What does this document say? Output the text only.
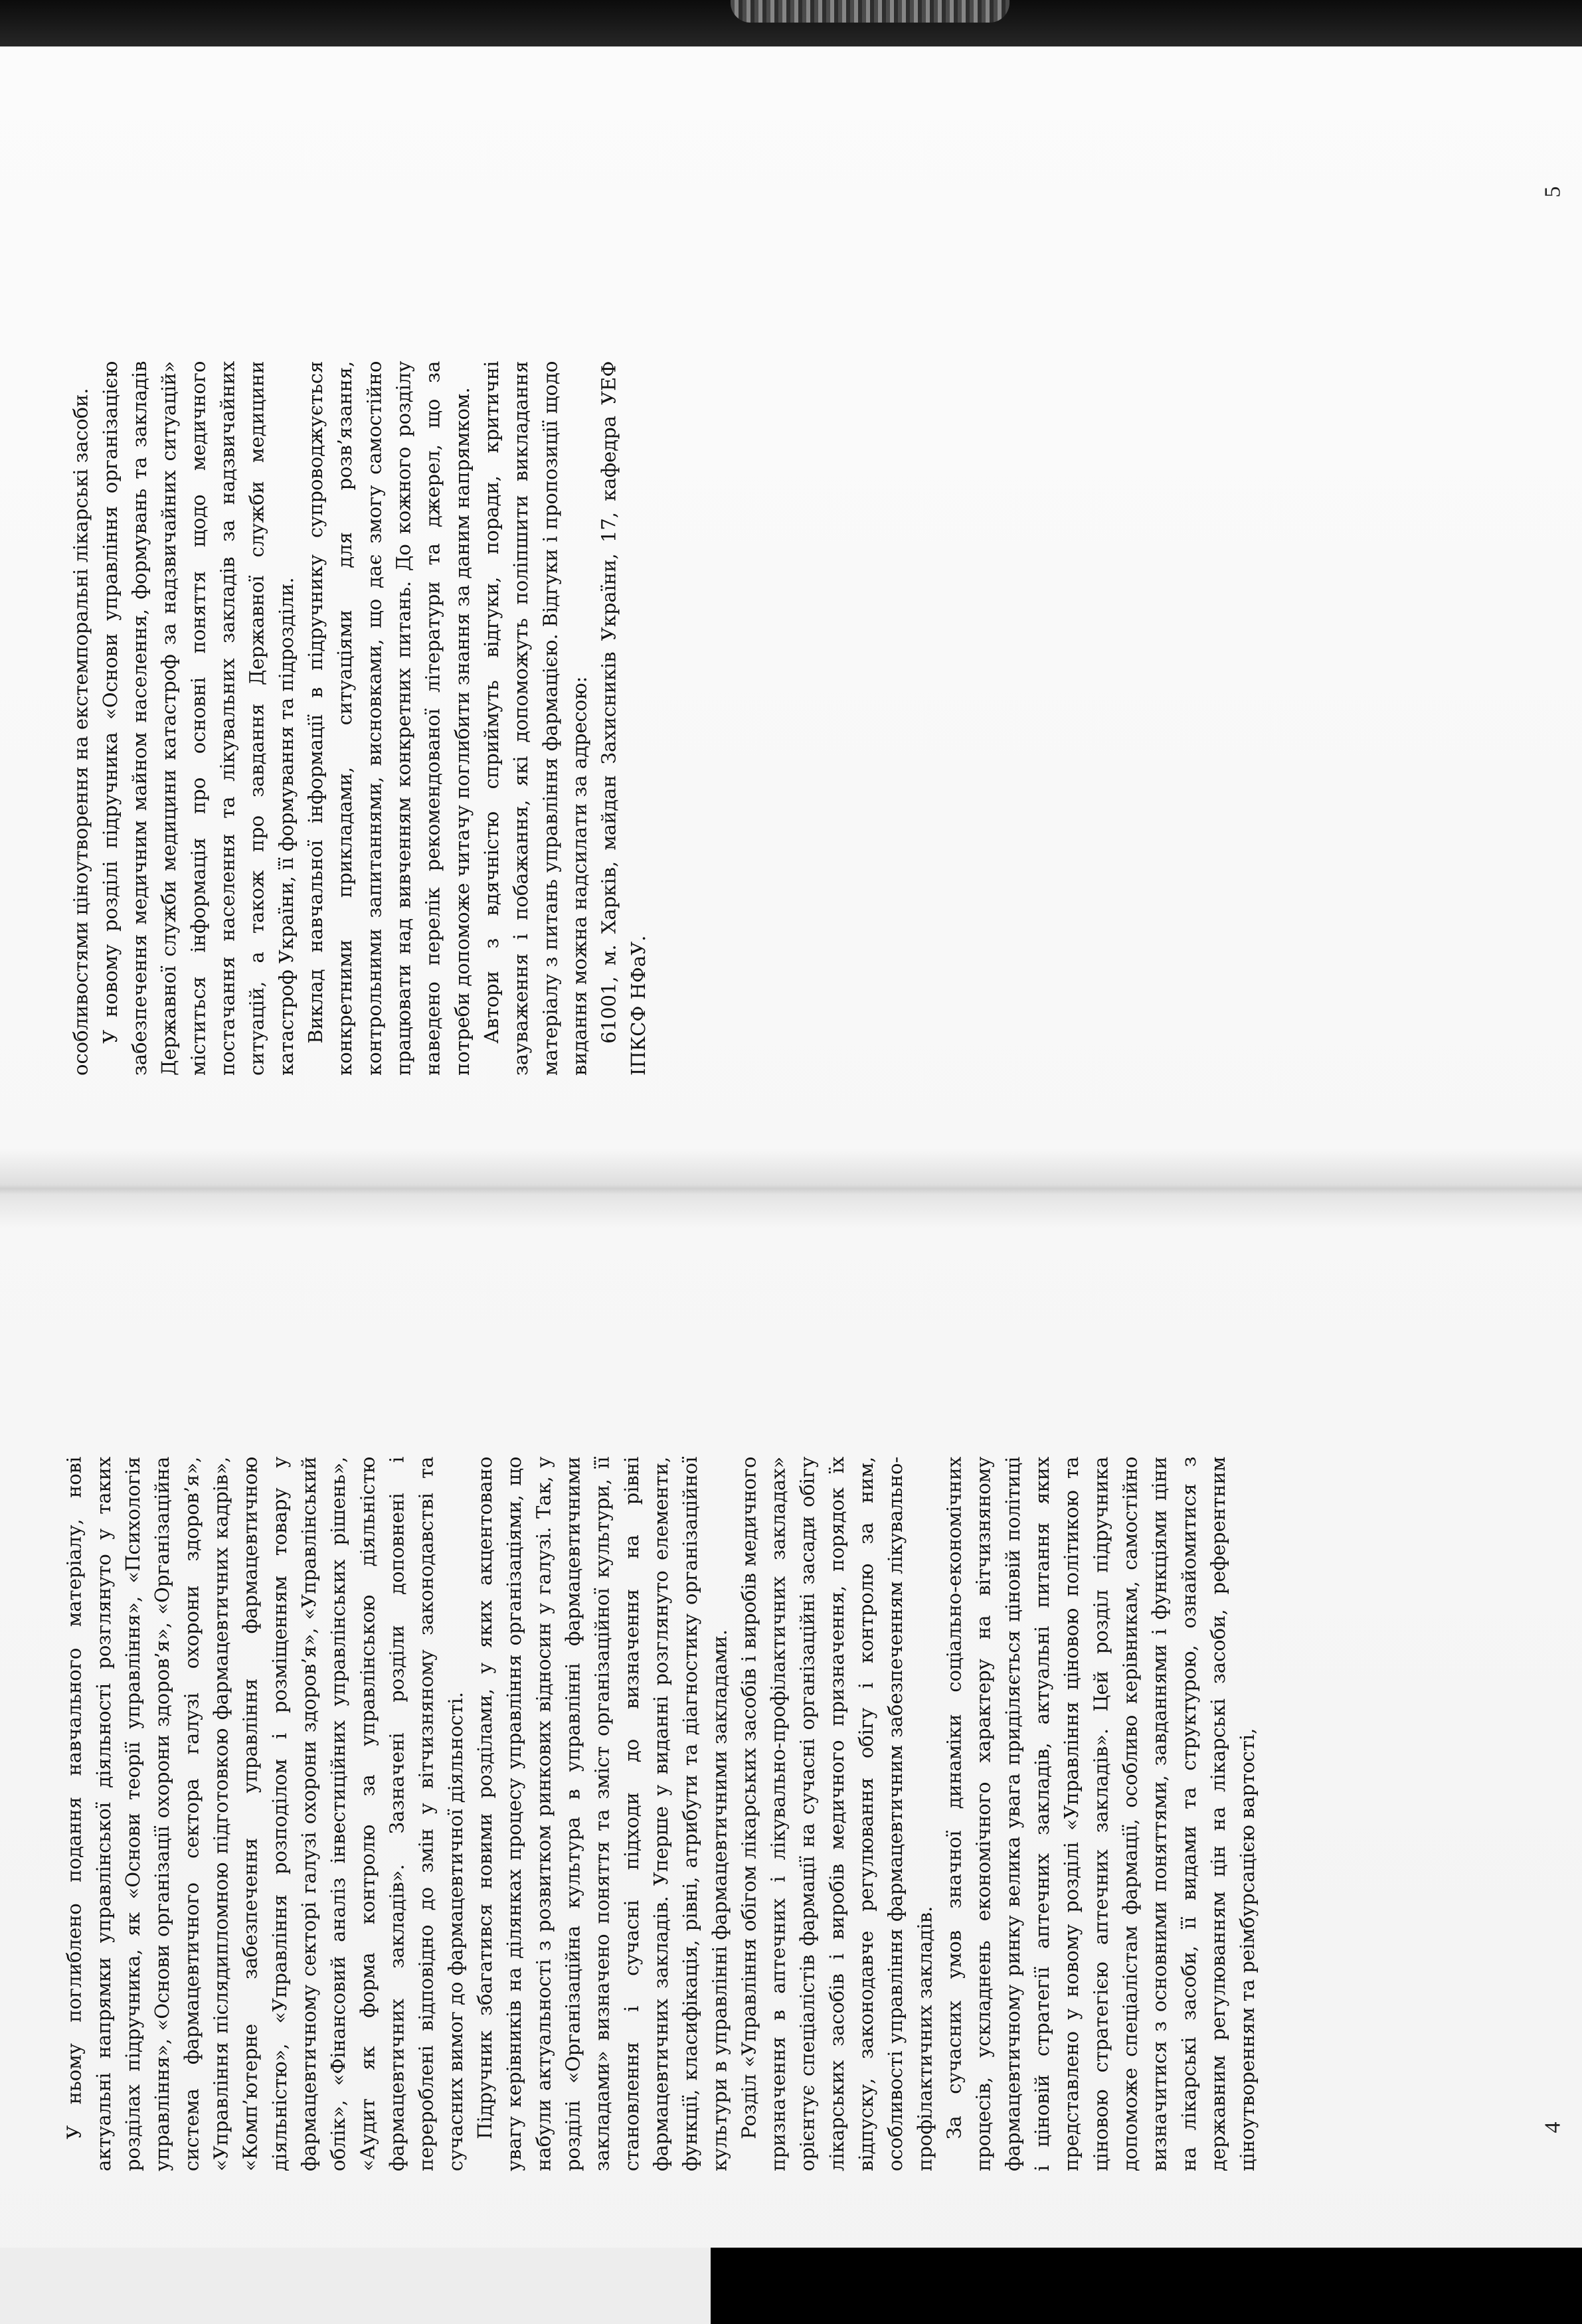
особливостями ціноутворення на екстемпоральні лікарські засоби. У новому розділі підручника «Основи управління організацією забезпечення медичним майном населення, формувань та закладів Державної служби медицини катастроф за надзвичайних ситуацій» міститься інформація про основні поняття щодо медичного постачання населення та лікувальних закладів за надзвичайних ситуацій, а також про завдання Державної служби медицини катастроф України, її формування та підрозділи. Виклад навчальної інформації в підручнику супроводжується конкретними прикладами, ситуаціями для розв’язання, контрольними запитаннями, висновками, що дає змогу самостійно працювати над вивченням конкретних питань. До кожного розділу наведено перелік рекомендованої літератури та джерел, що за потреби допоможе читачу поглибити знання за даним напрямком. Автори з вдячністю сприймуть відгуки, поради, критичні зауваження і побажання, які допоможуть поліпшити викладання матеріалу з питань управління фармацією. Відгуки і пропозиції щодо видання можна надсилати за адресою: 61001, м. Харків, майдан Захисників України, 17, кафедра УЕФ ІПКСФ НФаУ.

У ньому поглиблено подання навчального матеріалу, нові актуальні напрямки управлінської діяльності розглянуто у таких розділах підручника, як «Основи теорії управління», «Психологія управління», «Основи організації охорони здоров’я», «Організаційна система фармацевтичного сектора галузі охорони здоров’я», «Управління післядипломною підготовкою фармацевтичних кадрів», «Комп’ютерне забезпечення управління фармацевтичною діяльністю», «Управління розподілом і розміщенням товару у фармацевтичному секторі галузі охорони здоров’я», «Управлінський облік», «Фінансовий аналіз інвестиційних управлінських рішень», «Аудит як форма контролю за управлінською діяльністю фармацевтичних закладів». Зазначені розділи доповнені і перероблені відповідно до змін у вітчизняному законодавстві та сучасних вимог до фармацевтичної діяльності. Підручник збагатився новими розділами, у яких акцентовано увагу керівників на ділянках процесу управління організаціями, що набули актуальності з розвитком ринкових відносин у галузі. Так, у розділі «Організаційна культура в управлінні фармацевтичними закладами» визначено поняття та зміст організаційної культури, її становлення і сучасні підходи до визначення на рівні фармацевтичних закладів. Уперше у виданні розглянуто елементи, функції, класифікація, рівні, атрибути та діагностику організаційної культури в управлінні фармацевтичними закладами. Розділ «Управління обігом лікарських засобів і виробів медичного призначення в аптечних і лікувально-профілактичних закладах» орієнтує спеціалістів фармації на сучасні організаційні засади обігу лікарських засобів і виробів медичного призначення, порядок їх відпуску, законодавче регулювання обігу і контролю за ним, особливості управління фармацевтичним забезпеченням лікувально-профілактичних закладів. За сучасних умов значної динаміки соціально-економічних процесів, ускладнень економічного характеру на вітчизняному фармацевтичному ринку велика увага приділяється ціновій політиці і ціновій стратегії аптечних закладів, актуальні питання яких представлено у новому розділі «Управління ціновою політикою та ціновою стратегією аптечних закладів». Цей розділ підручника допоможе спеціалістам фармації, особливо керівникам, самостійно визначитися з основними поняттями, завданнями і функціями ціни на лікарські засоби, її видами та структурою, ознайомитися з державним регулюванням цін на лікарські засоби, референтним ціноутворенням та реімбурсацією вартості,

5
4
